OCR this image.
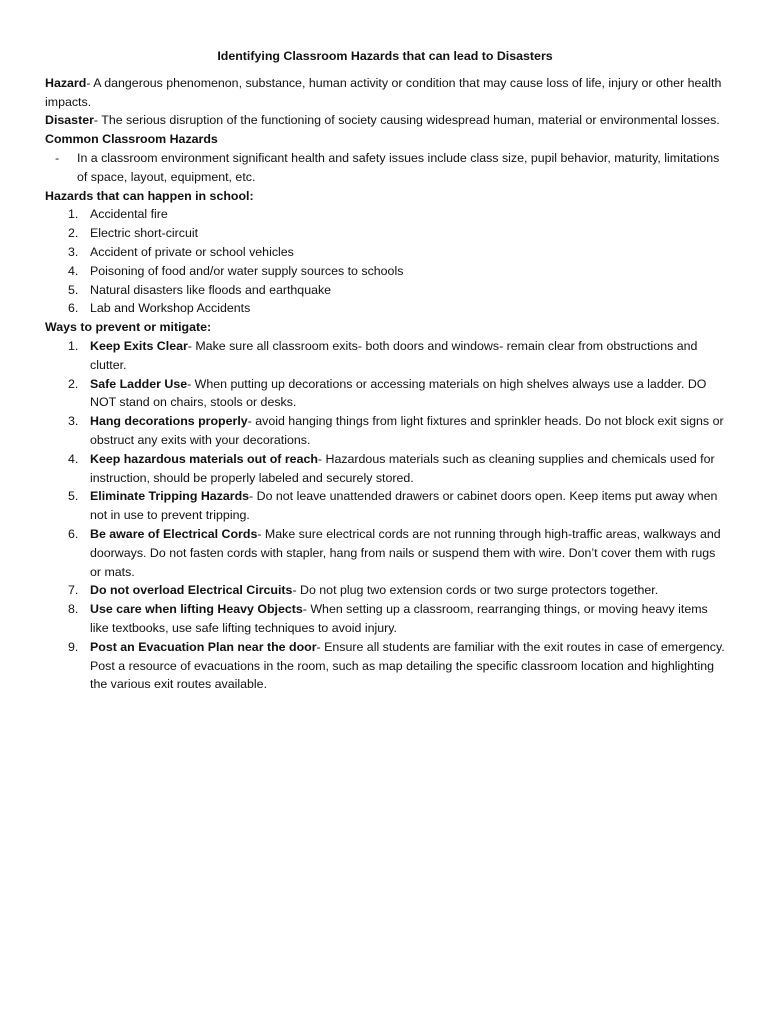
Identifying Classroom Hazards that can lead to Disasters

Hazard- A dangerous phenomenon, substance, human activity or condition that may cause loss of life, injury or other health impacts.

Disaster- The serious disruption of the functioning of society causing widespread human, material or environmental losses.

Common Classroom Hazards

- In a classroom environment significant health and safety issues include class size, pupil behavior, maturity, limitations of space, layout, equipment, etc.

Hazards that can happen in school:

1. Accidental fire
2. Electric short-circuit
3. Accident of private or school vehicles
4. Poisoning of food and/or water supply sources to schools
5. Natural disasters like floods and earthquake
6. Lab and Workshop Accidents

Ways to prevent or mitigate:

1. Keep Exits Clear- Make sure all classroom exits- both doors and windows- remain clear from obstructions and clutter.
2. Safe Ladder Use- When putting up decorations or accessing materials on high shelves always use a ladder. DO NOT stand on chairs, stools or desks.
3. Hang decorations properly- avoid hanging things from light fixtures and sprinkler heads. Do not block exit signs or obstruct any exits with your decorations.
4. Keep hazardous materials out of reach- Hazardous materials such as cleaning supplies and chemicals used for instruction, should be properly labeled and securely stored.
5. Eliminate Tripping Hazards- Do not leave unattended drawers or cabinet doors open. Keep items put away when not in use to prevent tripping.
6. Be aware of Electrical Cords- Make sure electrical cords are not running through high-traffic areas, walkways and doorways. Do not fasten cords with stapler, hang from nails or suspend them with wire. Don’t cover them with rugs or mats.
7. Do not overload Electrical Circuits- Do not plug two extension cords or two surge protectors together.
8. Use care when lifting Heavy Objects- When setting up a classroom, rearranging things, or moving heavy items like textbooks, use safe lifting techniques to avoid injury.
9. Post an Evacuation Plan near the door- Ensure all students are familiar with the exit routes in case of emergency. Post a resource of evacuations in the room, such as map detailing the specific classroom location and highlighting the various exit routes available.
